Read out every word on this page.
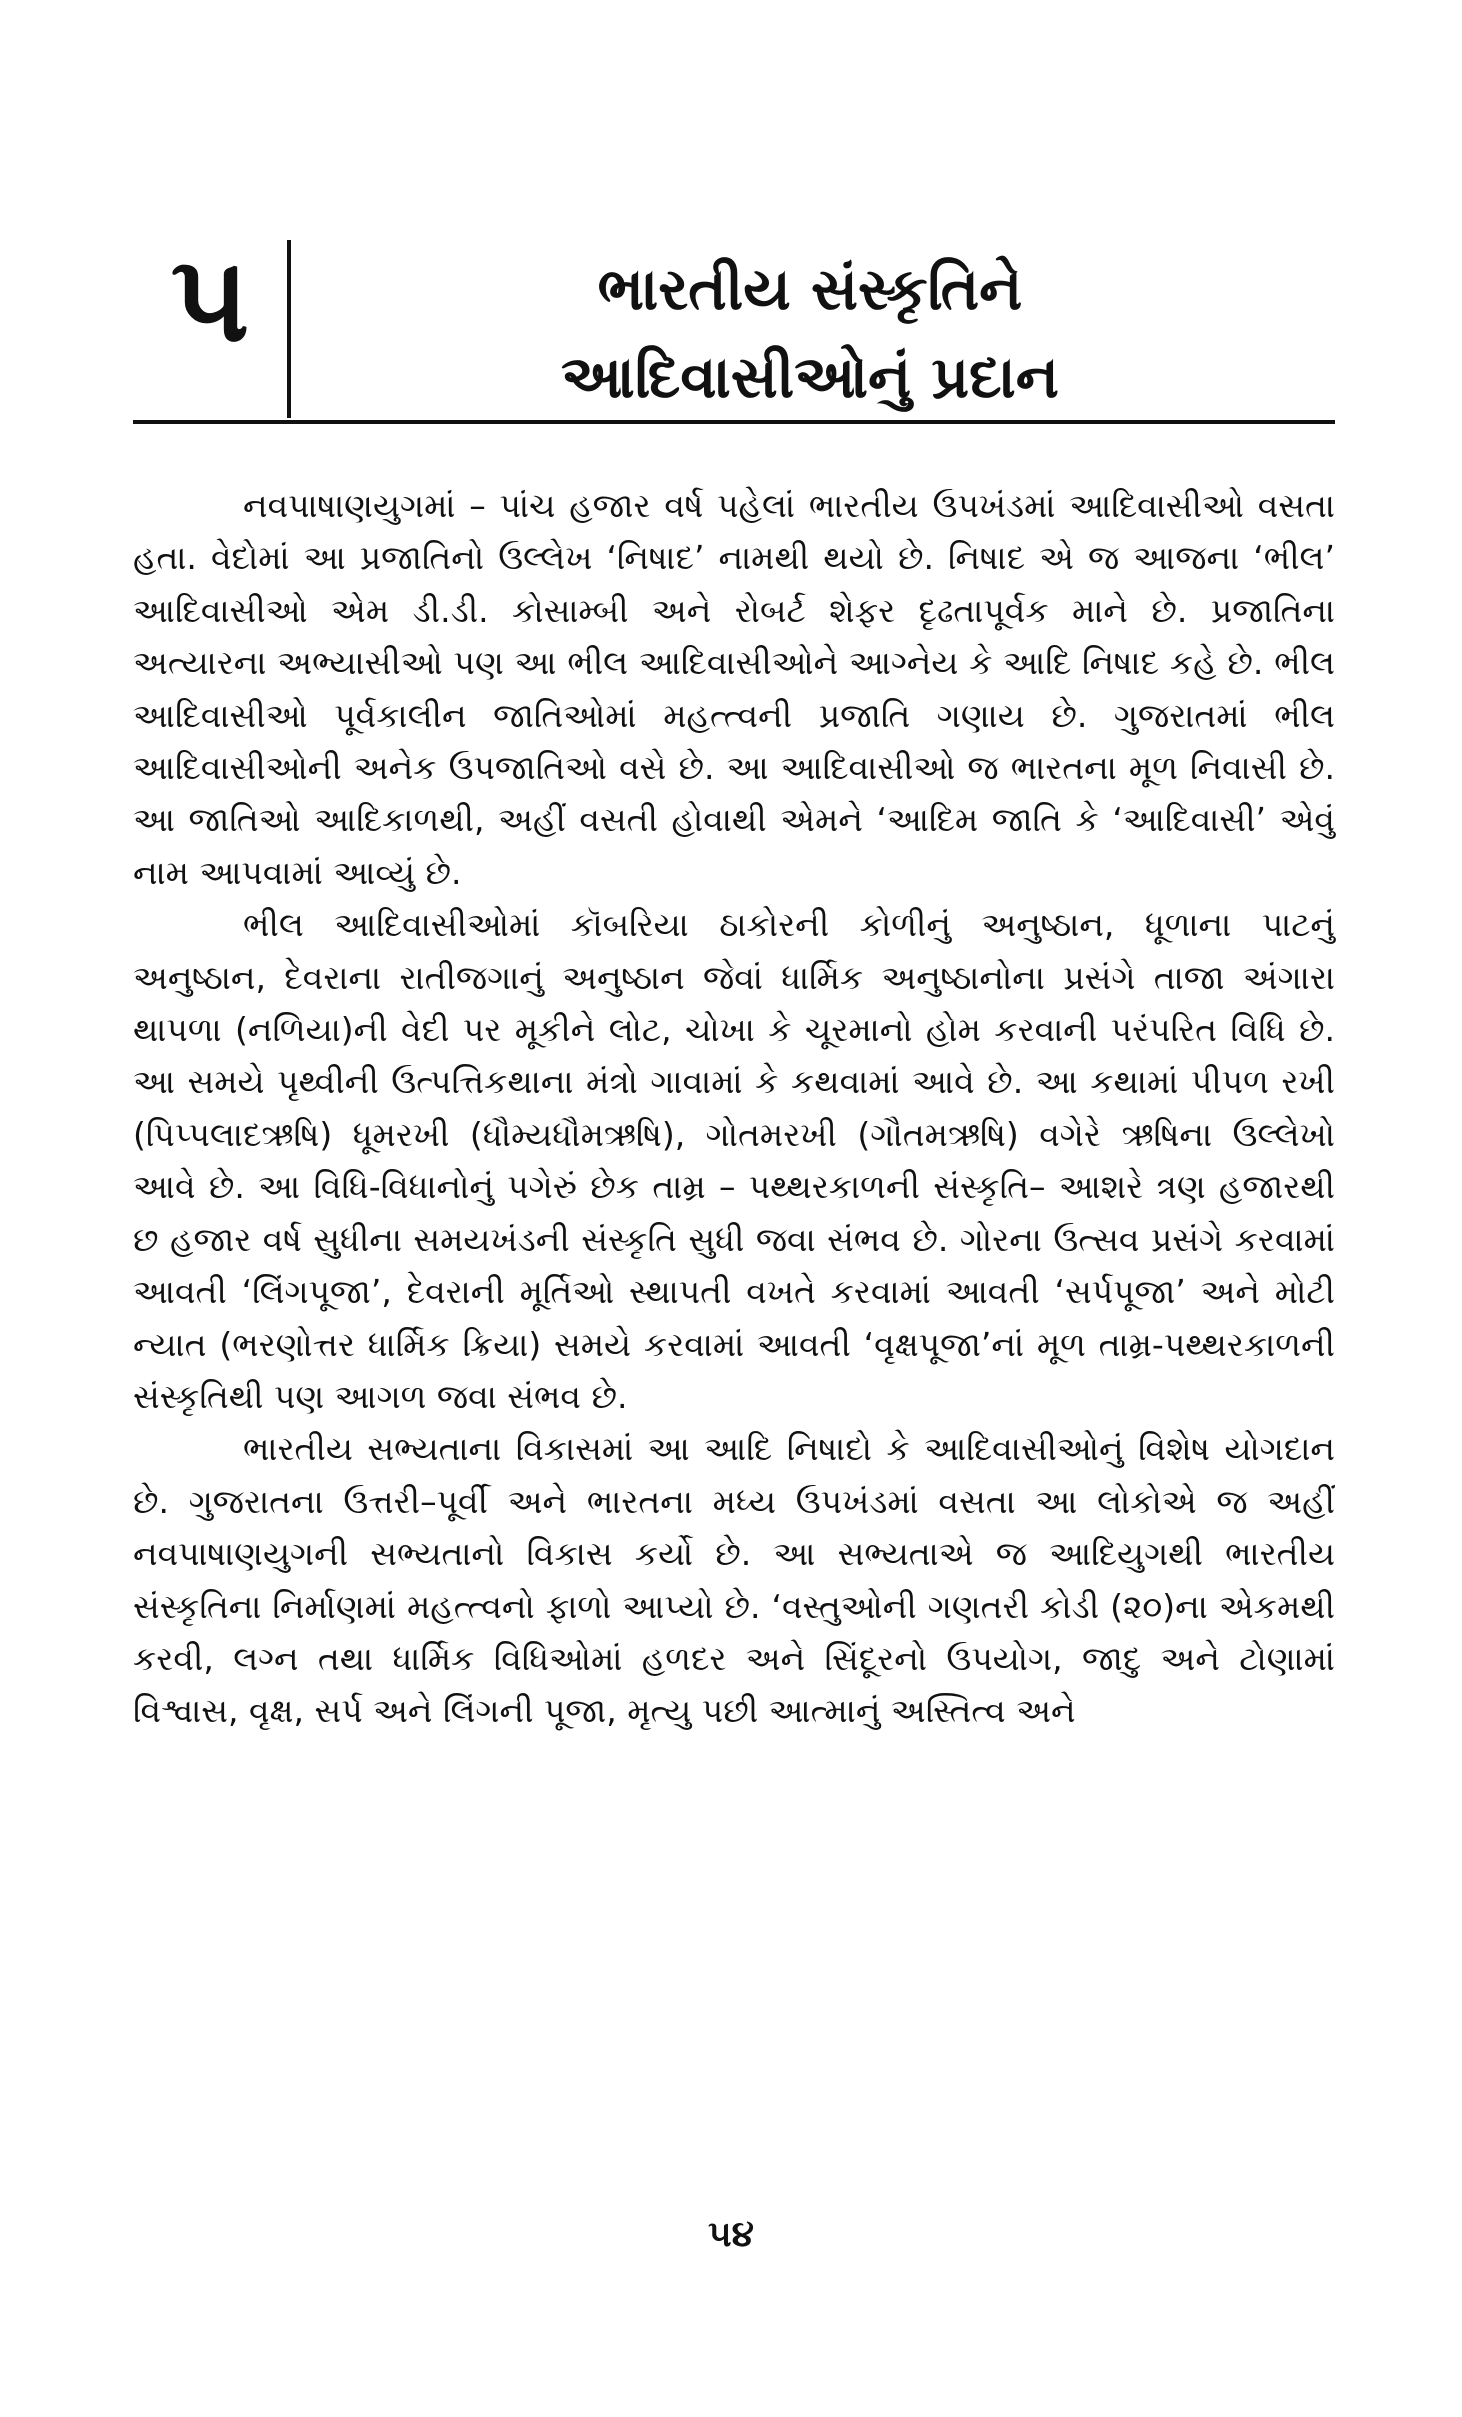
૫	ભારતીય સંસ્કૃતિને
આદિવાસીઓનું પ્રદાન

નવપાષાણયુગમાં – પાંચ હજાર વર્ષ પહેલાં ભારતીય ઉપખંડમાં આદિવાસીઓ વસતા હતા. વેદોમાં આ પ્રજાતિનો ઉલ્લેખ ‘નિષાદ’ નામથી થયો છે. નિષાદ એ જ આજના ‘ભીલ’ આદિવાસીઓ એમ ડી.ડી. કોસામ્બી અને રોબર્ટ શેફર દૃઢતાપૂર્વક માને છે. પ્રજાતિના અત્યારના અભ્યાસીઓ પણ આ ભીલ આદિવાસીઓને આગ્નેય કે આદિ નિષાદ કહે છે. ભીલ આદિવાસીઓ પૂર્વકાલીન જાતિઓમાં મહત્ત્વની પ્રજાતિ ગણાય છે. ગુજરાતમાં ભીલ આદિવાસીઓની અનેક ઉપજાતિઓ વસે છે. આ આદિવાસીઓ જ ભારતના મૂળ નિવાસી છે. આ જાતિઓ આદિકાળથી, અહીં વસતી હોવાથી એમને ‘આદિમ જાતિ કે ‘આદિવાસી’ એવું નામ આપવામાં આવ્યું છે.

ભીલ આદિવાસીઓમાં કૉબરિયા ઠાકોરની કોળીનું અનુષ્ઠાન, ધૂળાના પાટનું અનુષ્ઠાન, દેવરાના રાતીજગાનું અનુષ્ઠાન જેવાં ધાર્મિક અનુષ્ઠાનોના પ્રસંગે તાજા અંગારા થાપળા (નળિયા)ની વેદી પર મૂકીને લોટ, ચોખા કે ચૂરમાનો હોમ કરવાની પરંપરિત વિધિ છે. આ સમયે પૃથ્વીની ઉત્પત્તિકથાના મંત્રો ગાવામાં કે કથવામાં આવે છે. આ કથામાં પીપળ રખી (પિપ્પલાદઋષિ) ધૂમરખી (ધૌમ્યધૌમઋષિ), ગોતમરખી (ગૌતમઋષિ) વગેરે ઋષિના ઉલ્લેખો આવે છે. આ વિધિ-વિધાનોનું પગેરું છેક તામ્ર – પથ્થરકાળની સંસ્કૃતિ– આશરે ત્રણ હજારથી છ હજાર વર્ષ સુધીના સમયખંડની સંસ્કૃતિ સુધી જવા સંભવ છે. ગોરના ઉત્સવ પ્રસંગે કરવામાં આવતી ‘લિંગપૂજા’, દેવરાની મૂર્તિઓ સ્થાપતી વખતે કરવામાં આવતી ‘સર્પપૂજા’ અને મોટી ન્યાત (ભરણોત્તર ધાર્મિક ક્રિયા) સમયે કરવામાં આવતી ‘વૃક્ષપૂજા’નાં મૂળ તામ્ર-પથ્થરકાળની સંસ્કૃતિથી પણ આગળ જવા સંભવ છે.

ભારતીય સભ્યતાના વિકાસમાં આ આદિ નિષાદો કે આદિવાસીઓનું વિશેષ યોગદાન છે. ગુજરાતના ઉત્તરી–પૂર્વી અને ભારતના મધ્ય ઉપખંડમાં વસતા આ લોકોએ જ અહીં નવપાષાણયુગની સભ્યતાનો વિકાસ કર્યો છે. આ સભ્યતાએ જ આદિયુગથી ભારતીય સંસ્કૃતિના નિર્માણમાં મહત્ત્વનો ફાળો આપ્યો છે. ‘વસ્તુઓની ગણતરી કોડી (૨૦)ના એકમથી કરવી, લગ્ન તથા ધાર્મિક વિધિઓમાં હળદર અને સિંદૂરનો ઉપયોગ, જાદુ અને ટોણામાં વિશ્વાસ, વૃક્ષ, સર્પ અને લિંગની પૂજા, મૃત્યુ પછી આત્માનું અસ્તિત્વ અને

૫૪
